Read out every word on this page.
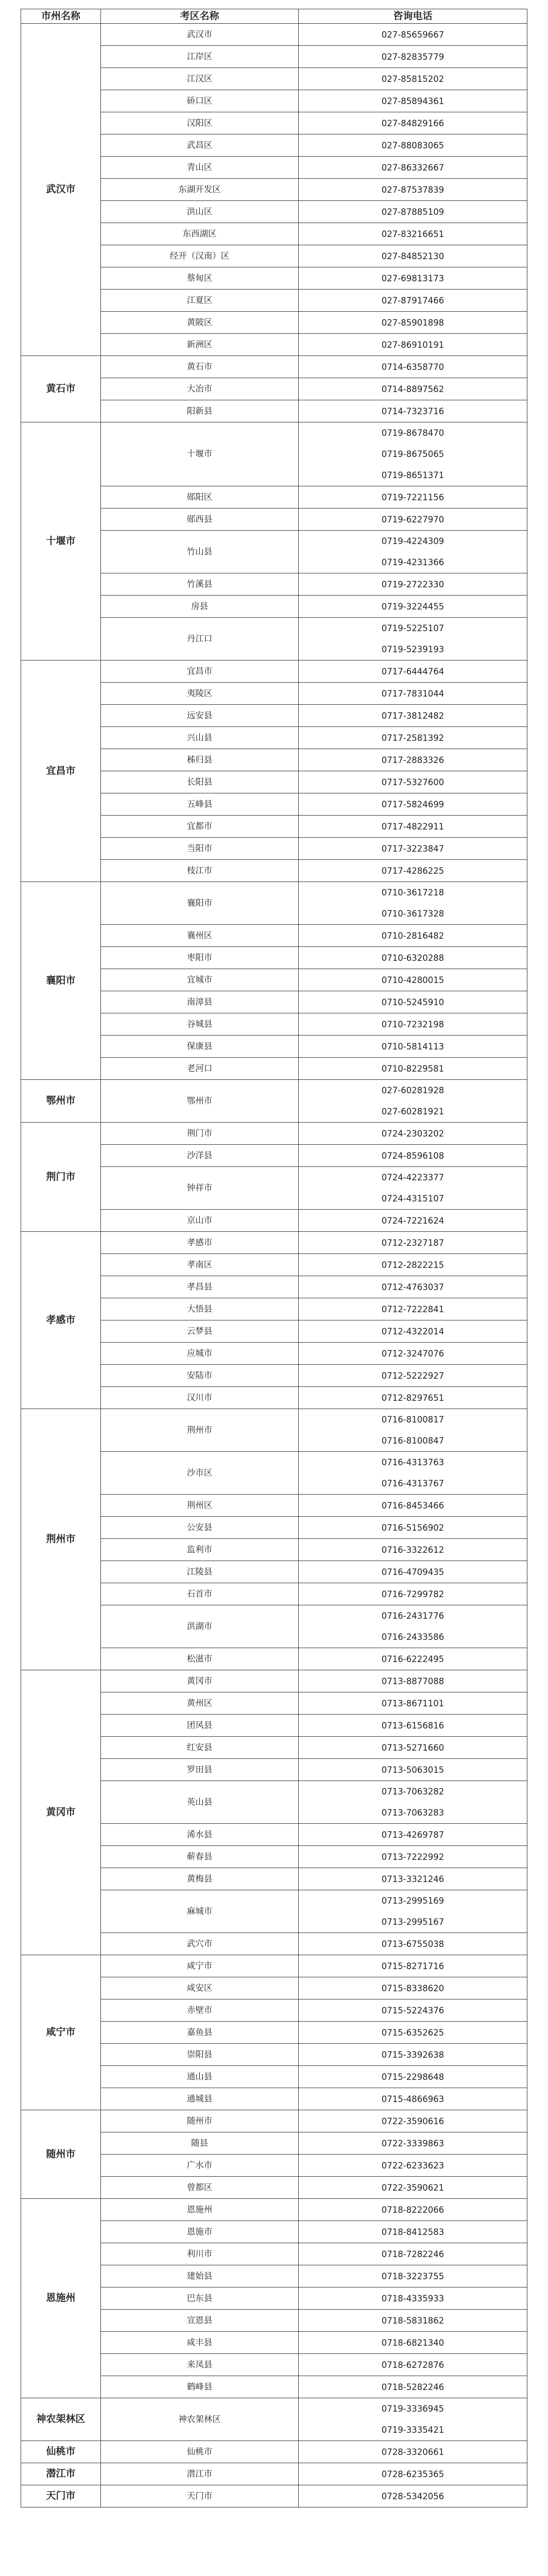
市州名称	考区名称	咨询电话
武汉市	武汉市	027-85659667

	江岸区	027-82835779

	江汉区	027-85815202

	硚口区	027-85894361

	汉阳区	027-84829166

	武昌区	027-88083065

	青山区	027-86332667

	东湖开发区	027-87537839

	洪山区	027-87885109

	东西湖区	027-83216651

	经开（汉南）区	027-84852130

	蔡甸区	027-69813173

	江夏区	027-87917466

	黄陂区	027-85901898

	新洲区	027-86910191

黄石市	黄石市	0714-6358770

	大冶市	0714-8897562

	阳新县	0714-7323716

十堰市	十堰市	0719-8678470
0719-8675065
0719-8651371

	郧阳区	0719-7221156

	郧西县	0719-6227970

	竹山县	0719-4224309
0719-4231366

	竹溪县	0719-2722330

	房县	0719-3224455

	丹江口	0719-5225107
0719-5239193

宜昌市	宜昌市	0717-6444764

	夷陵区	0717-7831044

	远安县	0717-3812482

	兴山县	0717-2581392

	秭归县	0717-2883326

	长阳县	0717-5327600

	五峰县	0717-5824699

	宜都市	0717-4822911

	当阳市	0717-3223847

	枝江市	0717-4286225

襄阳市	襄阳市	0710-3617218
0710-3617328

	襄州区	0710-2816482

	枣阳市	0710-6320288

	宜城市	0710-4280015

	南漳县	0710-5245910

	谷城县	0710-7232198

	保康县	0710-5814113

	老河口	0710-8229581

鄂州市	鄂州市	027-60281928
027-60281921

荆门市	荆门市	0724-2303202

	沙洋县	0724-8596108

	钟祥市	0724-4223377
0724-4315107

	京山市	0724-7221624

孝感市	孝感市	0712-2327187

	孝南区	0712-2822215

	孝昌县	0712-4763037

	大悟县	0712-7222841

	云梦县	0712-4322014

	应城市	0712-3247076

	安陆市	0712-5222927

	汉川市	0712-8297651

荆州市	荆州市	0716-8100817
0716-8100847

	沙市区	0716-4313763
0716-4313767

	荆州区	0716-8453466

	公安县	0716-5156902

	监利市	0716-3322612

	江陵县	0716-4709435

	石首市	0716-7299782

	洪湖市	0716-2431776
0716-2433586

	松滋市	0716-6222495

黄冈市	黄冈市	0713-8877088

	黄州区	0713-8671101

	团风县	0713-6156816

	红安县	0713-5271660

	罗田县	0713-5063015

	英山县	0713-7063282
0713-7063283

	浠水县	0713-4269787

	蕲春县	0713-7222992

	黄梅县	0713-3321246

	麻城市	0713-2995169
0713-2995167

	武穴市	0713-6755038

咸宁市	咸宁市	0715-8271716

	咸安区	0715-8338620

	赤壁市	0715-5224376

	嘉鱼县	0715-6352625

	崇阳县	0715-3392638

	通山县	0715-2298648

	通城县	0715-4866963

随州市	随州市	0722-3590616

	随县	0722-3339863

	广水市	0722-6233623

	曾都区	0722-3590621

恩施州	恩施州	0718-8222066

	恩施市	0718-8412583

	利川市	0718-7282246

	建始县	0718-3223755

	巴东县	0718-4335933

	宣恩县	0718-5831862

	咸丰县	0718-6821340

	来凤县	0718-6272876

	鹤峰县	0718-5282246

神农架林区	神农架林区	0719-3336945
0719-3335421

仙桃市	仙桃市	0728-3320661

潜江市	潜江市	0728-6235365

天门市	天门市	0728-5342056
